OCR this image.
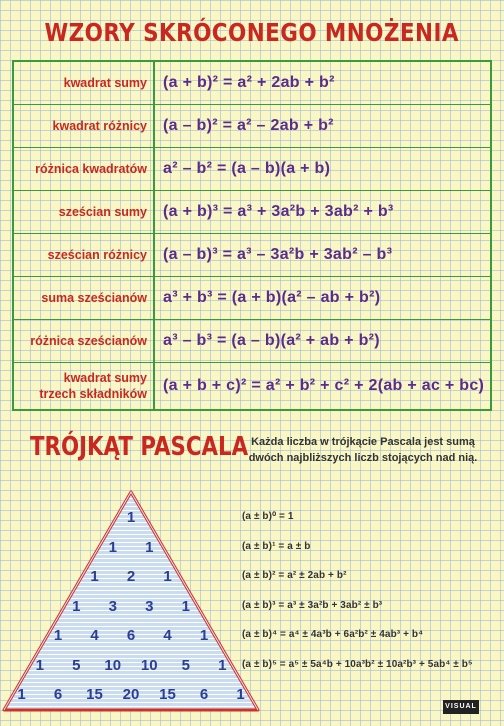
WZORY SKRÓCONEGO MNOŻENIA
kwadrat sumy	(a + b)² = a² + 2ab + b²
kwadrat różnicy	(a – b)² = a² – 2ab + b²
różnica kwadratów	a² – b² = (a – b)(a + b)
sześcian sumy	(a + b)³ = a³ + 3a²b + 3ab² + b³
sześcian różnicy	(a – b)³ = a³ – 3a²b + 3ab² – b³
suma sześcianów	a³ + b³ = (a + b)(a² – ab + b²)
różnica sześcianów	a³ – b³ = (a – b)(a² + ab + b²)
kwadrat sumy
trzech składników	(a + b + c)² = a² + b² + c² + 2(ab + ac + bc)
TRÓJKĄT PASCALA Każda liczba w trójkącie Pascala jest sumą dwóch najbliższych liczb stojących nad nią.
1
1	1
1	2	1
1	3	3	1
1	4	6	4	1
1	5	10	10	5	1
1	6	15	20	15	6	1
(a ± b)⁰ = 1
(a ± b)¹ = a ± b
(a ± b)² = a² ± 2ab + b²
(a ± b)³ = a³ ± 3a²b + 3ab² ± b³
(a ± b)⁴ = a⁴ ± 4a³b + 6a²b² ± 4ab³ + b⁴
(a ± b)⁵ = a⁵ ± 5a⁴b + 10a³b² ± 10a²b³ + 5ab⁴ ± b⁵
VISUAL
